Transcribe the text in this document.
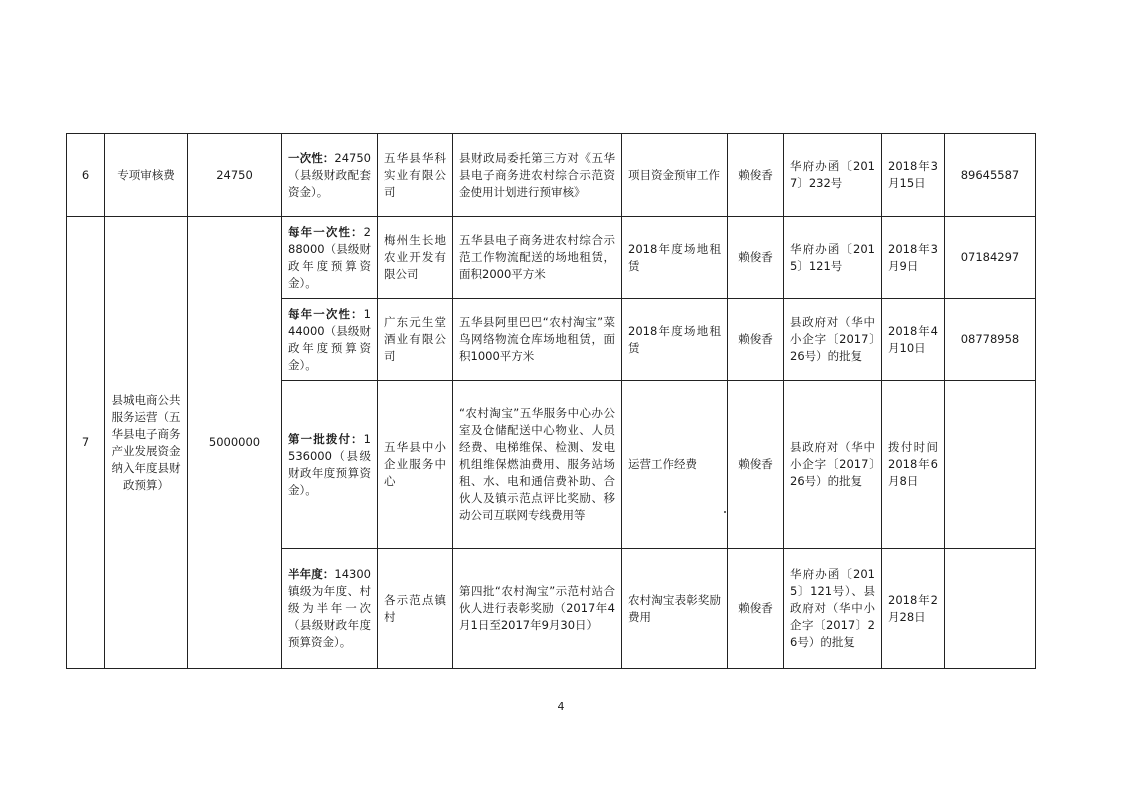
6	专项审核费	24750	一次性：24750（县级财政配套资金）。	五华县华科实业有限公司	县财政局委托第三方对《五华县电子商务进农村综合示范资金使用计划进行预审核》	项目资金预审工作	赖俊香	华府办函〔2017〕232号	2018年3月15日	89645587
7	县城电商公共服务运营（五华县电子商务产业发展资金纳入年度县财政预算）	5000000	每年一次性：288000（县级财政年度预算资金）。	梅州生长地农业开发有限公司	五华县电子商务进农村综合示范工作物流配送的场地租赁，面积2000平方米	2018年度场地租赁	赖俊香	华府办函〔2015〕121号	2018年3月9日	07184297
			每年一次性：144000（县级财政年度预算资金）。	广东元生堂酒业有限公司	五华县阿里巴巴“农村淘宝”菜鸟网络物流仓库场地租赁，面积1000平方米	2018年度场地租赁	赖俊香	县政府对（华中小企字〔2017〕26号）的批复	2018年4月10日	08778958
			第一批拨付：1536000（县级财政年度预算资金）。	五华县中小企业服务中心	“农村淘宝”五华服务中心办公室及仓储配送中心物业、人员经费、电梯维保、检测、发电机组维保燃油费用、服务站场租、水、电和通信费补助、合伙人及镇示范点评比奖励、移动公司互联网专线费用等	运营工作经费	赖俊香	县政府对（华中小企字〔2017〕26号）的批复	拨付时间2018年6月8日	
			半年度：14300镇级为年度、村级为半年一次（县级财政年度预算资金）。	各示范点镇村	第四批“农村淘宝”示范村站合伙人进行表彰奖励（2017年4月1日至2017年9月30日）	农村淘宝表彰奖励费用	赖俊香	华府办函〔2015〕121号）、县政府对（华中小企字〔2017〕26号）的批复	2018年2月28日	
4
